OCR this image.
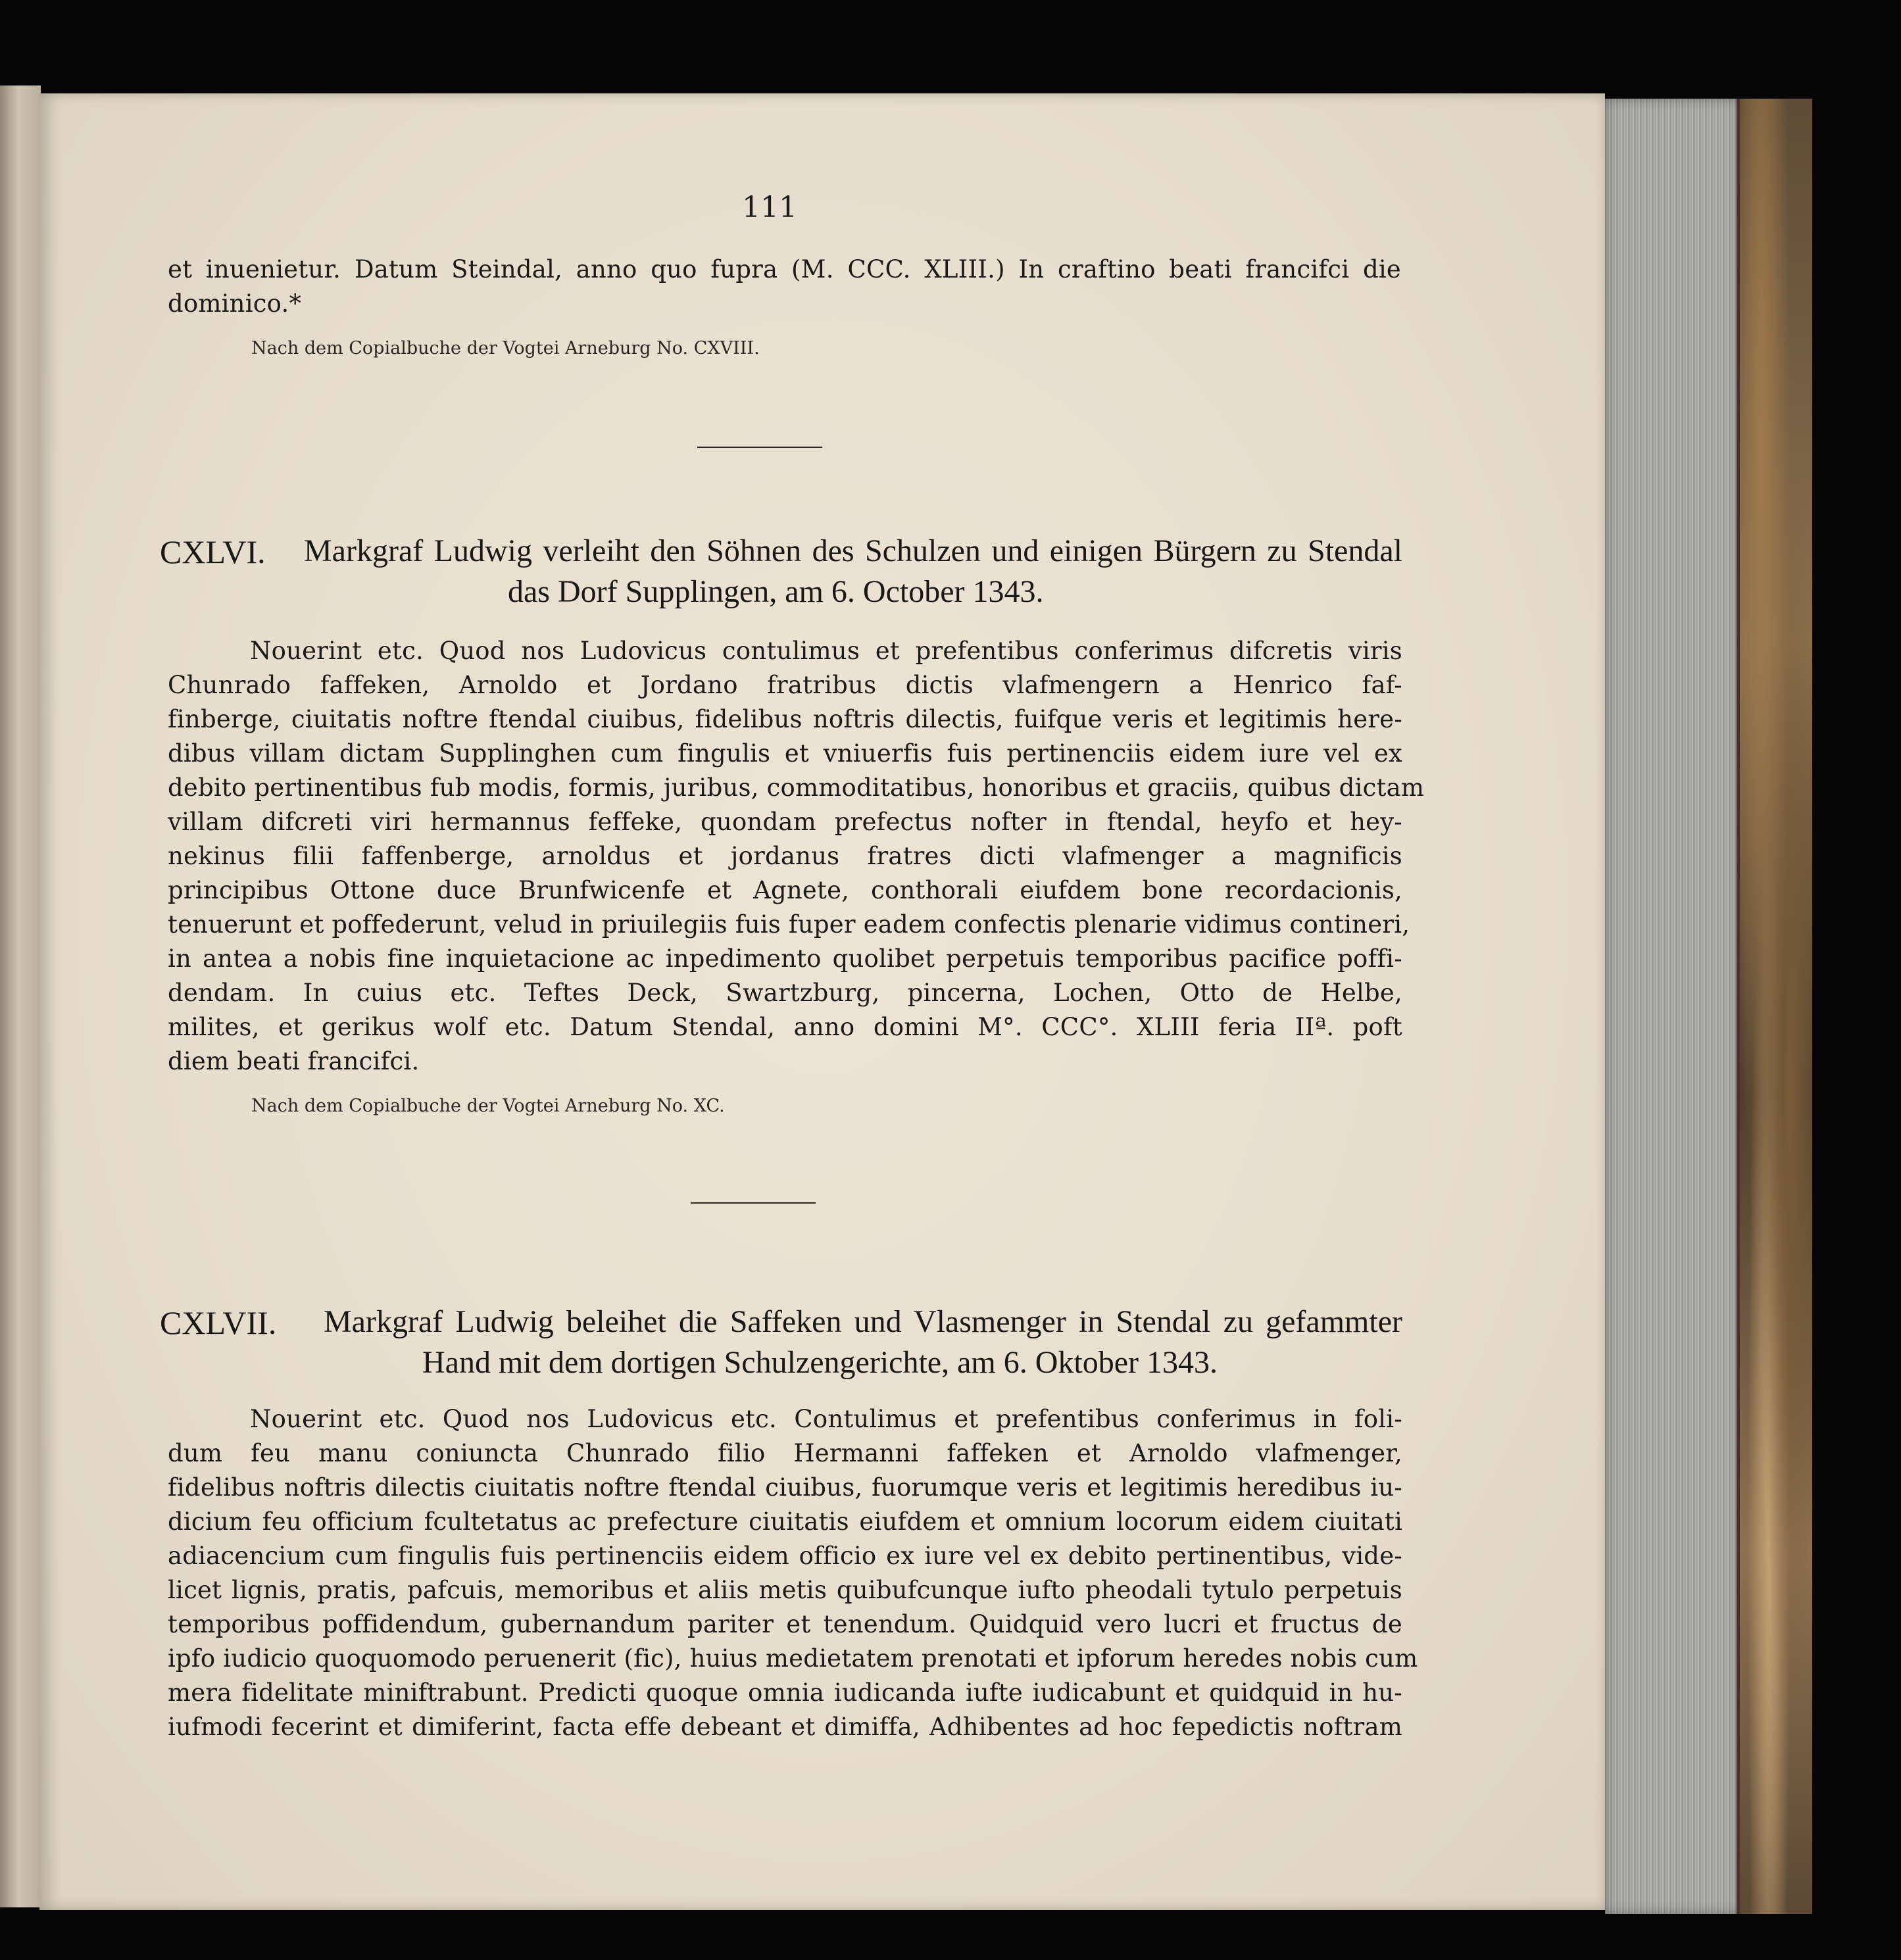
111
et inuenietur. Datum Steindal, anno quo fupra (M. CCC. XLIII.) In craftino beati francifci die
dominico.*
Nach dem Copialbuche der Vogtei Arneburg No. CXVIII.
CXLVI. Markgraf Ludwig verleiht den Söhnen des Schulzen und einigen Bürgern zu Stendal
das Dorf Supplingen, am 6. October 1343.
Nouerint etc. Quod nos Ludovicus contulimus et prefentibus conferimus difcretis viris
Chunrado faffeken, Arnoldo et Jordano fratribus dictis vlafmengern a Henrico faf-
finberge, ciuitatis noftre ftendal ciuibus, fidelibus noftris dilectis, fuifque veris et legitimis here-
dibus villam dictam Supplinghen cum fingulis et vniuerfis fuis pertinenciis eidem iure vel ex
debito pertinentibus fub modis, formis, juribus, commoditatibus, honoribus et graciis, quibus dictam
villam difcreti viri hermannus feffeke, quondam prefectus nofter in ftendal, heyfo et hey-
nekinus filii faffenberge, arnoldus et jordanus fratres dicti vlafmenger a magnificis
principibus Ottone duce Brunfwicenfe et Agnete, conthorali eiufdem bone recordacionis,
tenuerunt et poffederunt, velud in priuilegiis fuis fuper eadem confectis plenarie vidimus contineri,
in antea a nobis fine inquietacione ac inpedimento quolibet perpetuis temporibus pacifice poffi-
dendam. In cuius etc. Teftes Deck, Swartzburg, pincerna, Lochen, Otto de Helbe,
milites, et gerikus wolf etc. Datum Stendal, anno domini M°. CCC°. XLIII feria IIª. poft
diem beati francifci.
Nach dem Copialbuche der Vogtei Arneburg No. XC.
CXLVII. Markgraf Ludwig beleihet die Saffeken und Vlasmenger in Stendal zu gefammter
Hand mit dem dortigen Schulzengerichte, am 6. Oktober 1343.
Nouerint etc. Quod nos Ludovicus etc. Contulimus et prefentibus conferimus in foli-
dum feu manu coniuncta Chunrado filio Hermanni faffeken et Arnoldo vlafmenger,
fidelibus noftris dilectis ciuitatis noftre ftendal ciuibus, fuorumque veris et legitimis heredibus iu-
dicium feu officium fcultetatus ac prefecture ciuitatis eiufdem et omnium locorum eidem ciuitati
adiacencium cum fingulis fuis pertinenciis eidem officio ex iure vel ex debito pertinentibus, vide-
licet lignis, pratis, pafcuis, memoribus et aliis metis quibufcunque iufto pheodali tytulo perpetuis
temporibus poffidendum, gubernandum pariter et tenendum. Quidquid vero lucri et fructus de
ipfo iudicio quoquomodo peruenerit (fic), huius medietatem prenotati et ipforum heredes nobis cum
mera fidelitate miniftrabunt. Predicti quoque omnia iudicanda iufte iudicabunt et quidquid in hu-
iufmodi fecerint et dimiferint, facta effe debeant et dimiffa, Adhibentes ad hoc fepedictis noftram
